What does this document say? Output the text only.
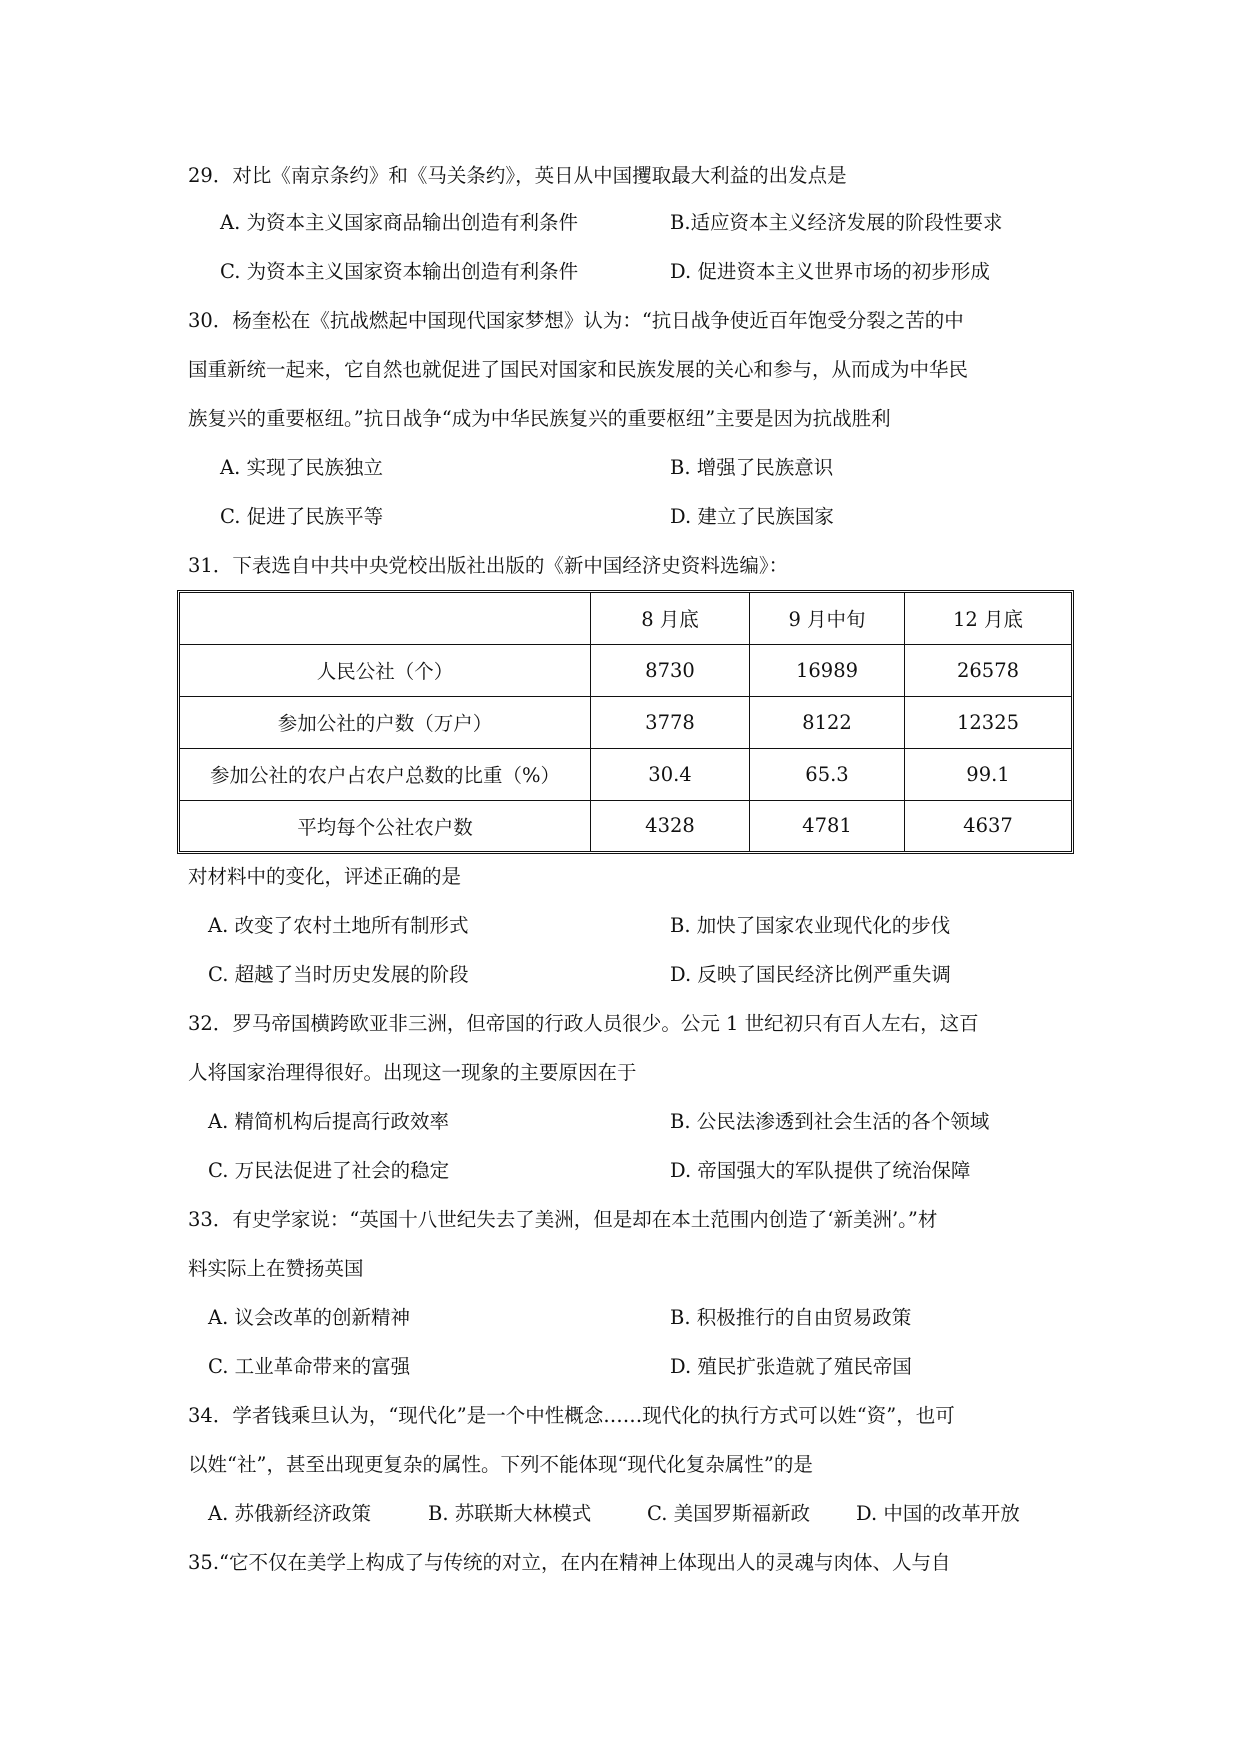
29．对比《南京条约》和《马关条约》，英日从中国攫取最大利益的出发点是
A. 为资本主义国家商品输出创造有利条件	B.适应资本主义经济发展的阶段性要求
C. 为资本主义国家资本输出创造有利条件	D. 促进资本主义世界市场的初步形成
30．杨奎松在《抗战燃起中国现代国家梦想》认为：“抗日战争使近百年饱受分裂之苦的中
国重新统一起来，它自然也就促进了国民对国家和民族发展的关心和参与，从而成为中华民
族复兴的重要枢纽。”抗日战争“成为中华民族复兴的重要枢纽”主要是因为抗战胜利
A. 实现了民族独立	B. 增强了民族意识
C. 促进了民族平等	D. 建立了民族国家
31．下表选自中共中央党校出版社出版的《新中国经济史资料选编》：
	8 月底	9 月中旬	12 月底
人民公社（个）	8730	16989	26578
参加公社的户数（万户）	3778	8122	12325
参加公社的农户占农户总数的比重（%）	30.4	65.3	99.1
平均每个公社农户数	4328	4781	4637
对材料中的变化，评述正确的是
A. 改变了农村土地所有制形式	B. 加快了国家农业现代化的步伐
C. 超越了当时历史发展的阶段	D. 反映了国民经济比例严重失调
32．罗马帝国横跨欧亚非三洲，但帝国的行政人员很少。公元 1 世纪初只有百人左右，这百
人将国家治理得很好。出现这一现象的主要原因在于
A. 精简机构后提高行政效率	B. 公民法渗透到社会生活的各个领域
C. 万民法促进了社会的稳定	D. 帝国强大的军队提供了统治保障
33．有史学家说：“英国十八世纪失去了美洲，但是却在本土范围内创造了‘新美洲’。”材
料实际上在赞扬英国
A. 议会改革的创新精神	B. 积极推行的自由贸易政策
C. 工业革命带来的富强	D. 殖民扩张造就了殖民帝国
34．学者钱乘旦认为，“现代化”是一个中性概念……现代化的执行方式可以姓“资”，也可
以姓“社”，甚至出现更复杂的属性。下列不能体现“现代化复杂属性”的是
A. 苏俄新经济政策	B. 苏联斯大林模式	C. 美国罗斯福新政 D. 中国的改革开放
35.“它不仅在美学上构成了与传统的对立，在内在精神上体现出人的灵魂与肉体、人与自
